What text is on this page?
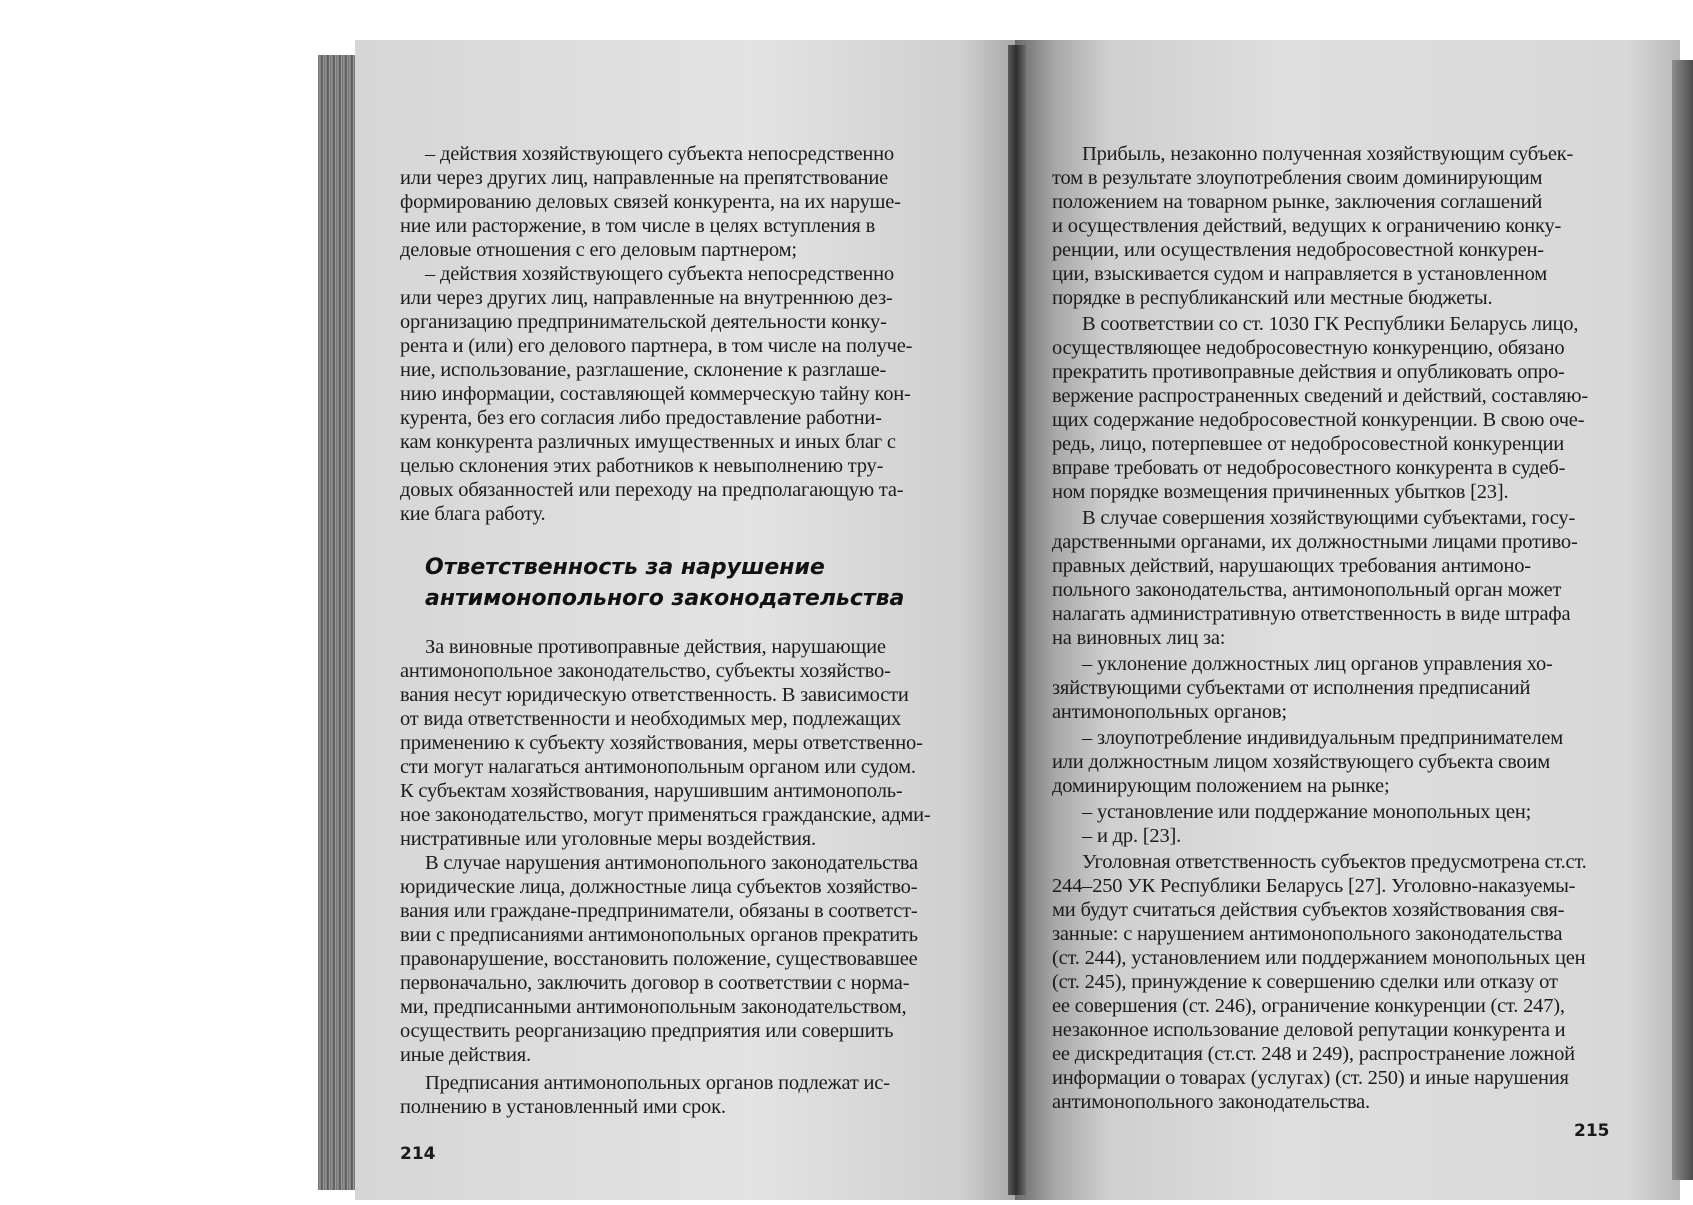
– действия хозяйствующего субъекта непосредственно

или через других лиц, направленные на препятствование

формированию деловых связей конкурента, на их наруше-

ние или расторжение, в том числе в целях вступления в

деловые отношения с его деловым партнером;

– действия хозяйствующего субъекта непосредственно

или через других лиц, направленные на внутреннюю дез-

организацию предпринимательской деятельности конку-

рента и (или) его делового партнера, в том числе на получе-

ние, использование, разглашение, склонение к разглаше-

нию информации, составляющей коммерческую тайну кон-

курента, без его согласия либо предоставление работни-

кам конкурента различных имущественных и иных благ с

целью склонения этих работников к невыполнению тру-

довых обязанностей или переходу на предполагающую та-

кие блага работу.

Ответственность за нарушение

антимонопольного законодательства

За виновные противоправные действия, нарушающие

антимонопольное законодательство, субъекты хозяйство-

вания несут юридическую ответственность. В зависимости

от вида ответственности и необходимых мер, подлежащих

применению к субъекту хозяйствования, меры ответственно-

сти могут налагаться антимонопольным органом или судом.

К субъектам хозяйствования, нарушившим антимонополь-

ное законодательство, могут применяться гражданские, адми-

нистративные или уголовные меры воздействия.

В случае нарушения антимонопольного законодательства

юридические лица, должностные лица субъектов хозяйство-

вания или граждане-предприниматели, обязаны в соответст-

вии с предписаниями антимонопольных органов прекратить

правонарушение, восстановить положение, существовавшее

первоначально, заключить договор в соответствии с норма-

ми, предписанными антимонопольным законодательством,

осуществить реорганизацию предприятия или совершить

иные действия.

Предписания антимонопольных органов подлежат ис-

полнению в установленный ими срок.

214

Прибыль, незаконно полученная хозяйствующим субъек-

том в результате злоупотребления своим доминирующим

положением на товарном рынке, заключения соглашений

и осуществления действий, ведущих к ограничению конку-

ренции, или осуществления недобросовестной конкурен-

ции, взыскивается судом и направляется в установленном

порядке в республиканский или местные бюджеты.

В соответствии со ст. 1030 ГК Республики Беларусь лицо,

осуществляющее недобросовестную конкуренцию, обязано

прекратить противоправные действия и опубликовать опро-

вержение распространенных сведений и действий, составляю-

щих содержание недобросовестной конкуренции. В свою оче-

редь, лицо, потерпевшее от недобросовестной конкуренции

вправе требовать от недобросовестного конкурента в судеб-

ном порядке возмещения причиненных убытков [23].

В случае совершения хозяйствующими субъектами, госу-

дарственными органами, их должностными лицами противо-

правных действий, нарушающих требования антимоно-

польного законодательства, антимонопольный орган может

налагать административную ответственность в виде штрафа

на виновных лиц за:

– уклонение должностных лиц органов управления хо-

зяйствующими субъектами от исполнения предписаний

антимонопольных органов;

– злоупотребление индивидуальным предпринимателем

или должностным лицом хозяйствующего субъекта своим

доминирующим положением на рынке;

– установление или поддержание монопольных цен;

– и др. [23].

Уголовная ответственность субъектов предусмотрена ст.ст.

244–250 УК Республики Беларусь [27]. Уголовно-наказуемы-

ми будут считаться действия субъектов хозяйствования свя-

занные: с нарушением антимонопольного законодательства

(ст. 244), установлением или поддержанием монопольных цен

(ст. 245), принуждение к совершению сделки или отказу от

ее совершения (ст. 246), ограничение конкуренции (ст. 247),

незаконное использование деловой репутации конкурента и

ее дискредитация (ст.ст. 248 и 249), распространение ложной

информации о товарах (услугах) (ст. 250) и иные нарушения

антимонопольного законодательства.

215
